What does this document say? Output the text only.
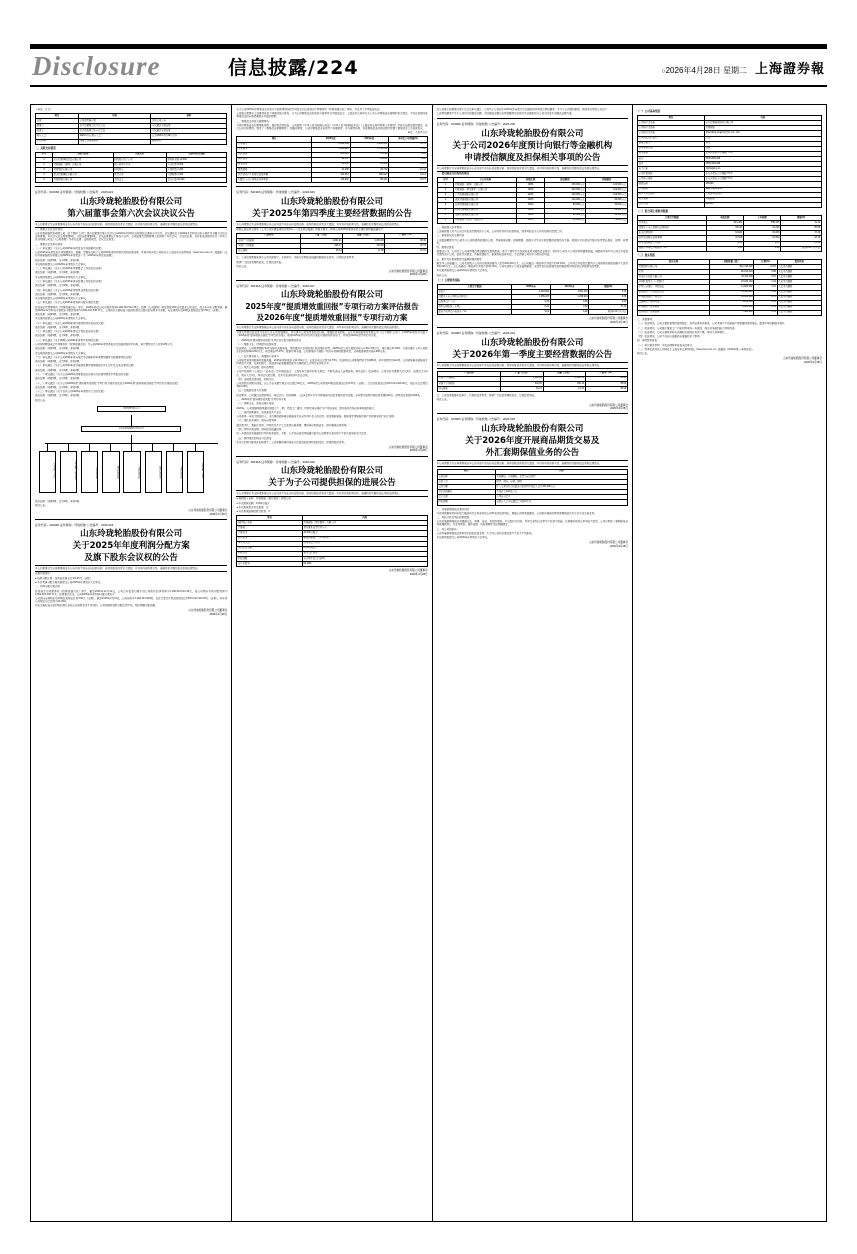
Disclosure	信息披露/224	○2026年4月28日 星期二 上海證券報
（单位：万元）
项目	内容	说明
议案	公司章程修订案	详见公司公告
董事会	第六届董事会第六次会议	审议通过全部议案
监事会	第六届监事会第五次会议	审议通过全部议案
股东大会	2025年年度股东大会	定于2026年5月18日召开
审计机构	容诚会计师事务所	继续聘任
二、关联交易情况
序号	关联方名称	关联关系	交易内容及金额
1	山东玲珑国际投资有限公司	控股股东的子公司	原材料采购 12,000
2	玲珑轮胎（泰国）有限公司	同一控制下企业	产品销售 8,600
3	玲珑集团有限公司	控股股东	房屋租赁 1,200
4	招远玲珑橡胶有限公司	联营企业	劳务服务 3,400
5	玲珑财务有限公司	关联法人	资金存放 20,000
证券代码：601966 证券简称：玲珑轮胎 公告编号：2026-021
山东玲珑轮胎股份有限公司
第六届董事会第六次会议决议公告
本公司董事会及全体董事保证本公告内容不存在任何虚假记载、误导性陈述或者重大遗漏，并对其内容的真实性、准确性和完整性依法承担法律责任。

一、董事会会议召开情况

山东玲珑轮胎股份有限公司（以下简称“公司”）第六届董事会第六次会议于2026年4月26日以现场结合通讯方式召开，会议通知已于2026年4月16日以电子邮件及书面方式送达全体董事。本次会议应出席董事9名，实际出席董事9名。会议由董事长王锋先生主持，公司监事及高级管理人员列席了本次会议。会议的召集、召开和表决程序符合《中华人民共和国公司法》《公司章程》等有关法律、法规的规定，会议合法有效。

二、董事会会议审议情况

（一）审议通过《关于公司2025年年度报告及其摘要的议案》

公司2025年年度报告及其摘要真实、准确、完整地反映了公司2025年度的财务状况和经营成果。具体内容详见公司同日于上海证券交易所网站（www.sse.com.cn）披露的《山东玲珑轮胎股份有限公司2025年年度报告》及《2025年年度报告摘要》。

表决结果：同意9票，反对0票，弃权0票。

本议案尚需提交公司2025年年度股东大会审议。

（二）审议通过《关于公司2025年度董事会工作报告的议案》

表决结果：同意9票，反对0票，弃权0票。

本议案尚需提交公司2025年年度股东大会审议。

（三）审议通过《关于公司2025年度总经理工作报告的议案》

表决结果：同意9票，反对0票，弃权0票。

（四）审议通过《关于公司2025年度财务决算报告的议案》

表决结果：同意9票，反对0票，弃权0票。

本议案尚需提交公司2025年年度股东大会审议。

（五）审议通过《关于公司2025年度利润分配方案的议案》

经容诚会计师事务所（特殊普通合伙）审计，2025年度母公司实现净利润1,186,324,512.36元，按照《公司章程》规定提取10%法定盈余公积金后，加上年初未分配利润，截至2025年12月31日可供股东分配的利润为4,862,115,308.77元。公司拟以实施权益分派股权登记日登记的总股本为基数，向全体股东每10股派发现金红利3.50元（含税）。

表决结果：同意9票，反对0票，弃权0票。

本议案尚需提交公司2025年年度股东大会审议。

（六）审议通过《关于公司2025年度内部控制评价报告的议案》

表决结果：同意9票，反对0票，弃权0票。

（七）审议通过《关于公司2025年度社会责任报告的议案》

表决结果：同意9票，反对0票，弃权0票。

（八）审议通过《关于续聘公司2026年度审计机构的议案》

公司拟续聘容诚会计师事务所（特殊普通合伙）为公司2026年度财务报告及内部控制审计机构，审计费用合计人民币280万元。

表决结果：同意9票，反对0票，弃权0票。

本议案尚需提交公司2025年年度股东大会审议。

（九）审议通过《关于公司2026年度向银行等金融机构申请授信额度及担保事项的议案》

表决结果：同意9票，反对0票，弃权0票。

（十）审议通过《关于公司2026年度开展商品期货套期保值及外汇衍生品交易业务的议案》

表决结果：同意9票，反对0票，弃权0票。

（十一）审议通过《关于公司2025年度募集资金存放与实际使用情况专项报告的议案》

表决结果：同意9票，反对0票，弃权0票。

（十二）审议通过《关于公司2025年度“提质增效重回报”专项行动方案评估报告及2026年度“提质增效重回报”专项行动方案的议案》

表决结果：同意9票，反对0票，弃权0票。

（十三）审议通过《关于召开公司2025年年度股东大会的议案》

表决结果：同意9票，反对0票，弃权0票。

特此公告。

玲珑集团有限公司
山东玲珑轮胎股份有限公司
玲珑轮胎（泰国）	玲珑轮胎（塞尔维亚）	广西玲珑轮胎	湖北玲珑轮胎	长春玲珑轮胎	陕西玲珑轮胎	安徽玲珑轮胎	玲珑轮胎（巴西）

表决结果：同意9票，反对0票，弃权0票。

特此公告。

山东玲珑轮胎股份有限公司董事会
2026年4月28日
证券代码：601966 证券简称：玲珑轮胎 公告编号：2026-024
山东玲珑轮胎股份有限公司
关于2025年年度利润分配方案
及旗下股东会议权的公告
本公司董事会及全体董事保证本公告内容不存在任何虚假记载、误导性陈述或者重大遗漏，并对其内容的真实性、准确性和完整性依法承担法律责任。

重要内容提示：

● 每股分配比例：每股派发现金红利0.35元（含税）

● 本次利润分配方案尚需提交公司2025年年度股东大会审议。

一、利润分配方案内容

经容诚会计师事务所（特殊普通合伙）审计，截至2025年12月31日，公司合并报表归属于母公司股东的净利润为1,186,324,512.36元，母公司期末可供分配利润为4,862,115,308.77元。经董事会决议，公司2025年年度利润分配方案如下：

公司拟向全体股东每10股派发现金红利3.50元（含税）。截至2026年3月31日，公司总股本1,466,324,000股，以此计算合计拟派发现金红利513,213,400.00元（含税）。本年度公司现金分红比例为43.26%。

如在实施权益分派的股权登记日前公司总股本发生变动的，公司拟维持每股分配比例不变，相应调整分配总额。

山东玲珑轮胎股份有限公司董事会
2026年4月28日

关于公司2025年度募集资金存放与实际使用情况的专项报告已经容诚会计师事务所（特殊普通合伙）审核，并出具了专项鉴证报告。

公司独立董事对上述事项发表了同意的独立意见，认为公司募集资金的存放与使用符合中国证监会、上海证券交易所关于上市公司募集资金管理的有关规定，不存在变相改变募集资金投向和损害股东利益的情形。

二、募集资金存放与管理情况

为规范募集资金的管理和使用，保护投资者权益，公司依照《中华人民共和国公司法》《中华人民共和国证券法》《上海证券交易所股票上市规则》等有关法律法规的规定，结合公司实际情况，制定了《募集资金管理制度》。根据该制度，公司对募集资金采取专户存储制度，并与保荐机构、存放募集资金的商业银行签署了募集资金三方监管协议。

单位：人民币万元
项目	2025年度	2024年度	本年比上年增减(%)
营业收入	2,462,318	2,206,541	11.59
营业成本	1,938,226	1,762,334	9.98
销售费用	106,812	97,224	9.86
管理费用	98,337	91,002	8.06
研发费用	92,451	83,116	11.23
财务费用	21,008	26,742	-21.44
经营活动产生的现金流量净额	332,614	288,907	15.13
归属于上市公司股东的净利润	118,632	86,421	37.27
证券代码：601966 证券简称：玲珑轮胎 公告编号：2026-026
山东玲珑轮胎股份有限公司
关于2025年第四季度主要经营数据的公告
本公司董事会及全体董事保证本公告内容不存在任何虚假记载、误导性陈述或者重大遗漏，并对其内容的真实性、准确性和完整性依法承担法律责任。
根据上海证券交易所《上市公司自律监管指引第3号——行业信息披露》的相关要求，现将公司2025年第四季度主要经营数据披露如下：
产品类别	产量（万条）	销量（万条）	产销率（%）
半钢子午线轮胎	1,862.41	1,834.26	98.49
全钢子午线轮胎	326.17	318.92	97.78
斜交轮胎	18.34	17.96	97.93

注：上述经营数据来源于公司内部统计，未经审计，可能与定期报告披露的数据存在差异，仅供投资者参考。

敬请广大投资者理性投资，注意投资风险。

特此公告。

山东玲珑轮胎股份有限公司董事会
2026年4月28日
证券代码：601966 证券简称：玲珑轮胎 公告编号：2026-027
山东玲珑轮胎股份有限公司
2025年度“提质增效重回报”专项行动方案评估报告
及2026年度“提质增效重回报”专项行动方案
本公司董事会及全体董事保证本公告内容不存在任何虚假记载、误导性陈述或者重大遗漏，并对其内容的真实性、准确性和完整性依法承担法律责任。

为深入贯彻以投资者为本的上市公司发展理念，切实提升公司质量和投资价值，增强投资者回报，山东玲珑轮胎股份有限公司（以下简称“公司”）于2025年制定并实施了《2025年度“提质增效重回报”专项行动方案》。现将2025年度专项行动方案的实施情况评估如下，并制定2026年度专项行动方案。

一、2025年度“提质增效重回报”专项行动方案实施情况评估

（一）聚焦主业，持续提升经营质量

报告期内，公司紧紧围绕“6+6”全球化战略布局，持续推进产品结构优化和高端化转型。2025年度公司实现营业收入2,462,318万元，同比增长11.59%；实现归属于上市公司股东的净利润118,632万元，同比增长37.27%。配套市场方面，公司新增多个国际一线汽车品牌的配套项目，全年配套销量突破1,800万条。

（二）加大研发投入，增强核心竞争力

公司始终坚持创新驱动发展战略，2025年度研发投入92,451万元，占营业收入比例为3.75%。报告期内公司新增授权专利286项，其中发明专利112项。公司液体黄金轮胎技术持续迭代升级，在滚动阻力、抗湿滑性能和耐磨性能等关键指标上达到行业领先水平。

（三）规范公司治理，提升透明度

公司严格按照《公司法》《证券法》及中国证监会、上海证券交易所的有关规定，不断完善法人治理结构，规范运作。报告期内，公司共召开董事会会议6次、监事会会议4次、股东大会2次，所有会议的召集、召开及表决程序均合法合规。

（四）重视投资者回报，积极分红

公司高度重视股东回报，自上市以来累计现金分红超过30亿元。2025年度公司拟每10股派发现金红利3.50元（含税），合计派发现金红利513,213,400.00元，现金分红比例达到43.26%。

（五）加强投资者关系管理

报告期内，公司通过业绩说明会、电话会议、机构调研、上证e互动平台等多种渠道与投资者保持密切沟通。全年累计接待机构投资者调研42次，回复投资者提问186条。

二、2026年度“提质增效重回报”专项行动方案

（一）深耕主业，加快全球化布局

2026年，公司将继续推进塞尔维亚工厂二期、巴西工厂建设，持续完善全球化生产基地布局，提升海外市场占有率和盈利能力。

（二）坚持创新驱动，加快新技术产业化

公司将进一步加大研发投入，重点推进液体黄金轮胎技术在全系列产品上的应用，加快智能轮胎、新能源专用轮胎等新产品的研发和产业化进程。

（三）强化成本管控，提升运营效率

通过数字化、智能化改造，持续优化生产工艺和供应链管理，降低单位制造成本，提升整体运营效率。

（四）持续完善治理，提高信息披露质量

进一步提高信息披露的针对性和有效性，及时、公平地向投资者披露可能对公司股票交易价格产生较大影响的重大信息。

（五）保持稳定的现金分红政策

在符合利润分配条件的前提下，公司将继续保持现金分红政策的连续性和稳定性，积极回报投资者。

山东玲珑轮胎股份有限公司董事会
2026年4月28日
证券代码：601966 证券简称：玲珑轮胎 公告编号：2026-029
山东玲珑轮胎股份有限公司
关于为子公司提供担保的进展公告
本公司董事会及全体董事保证本公告内容不存在任何虚假记载、误导性陈述或者重大遗漏，并对其内容的真实性、准确性和完整性依法承担法律责任。

● 被担保人名称：玲珑轮胎（塞尔维亚）有限公司

● 本次担保金额：8,000万欧元

● 本次担保是否有反担保：否

● 对外担保逾期的累计数量：0

项目	内容
被担保人名称	玲珑轮胎（塞尔维亚）有限公司
注册地	塞尔维亚兹雷尼亚宁市
注册资本	30,000万欧元
经营范围	轮胎的研发、生产与销售
与公司关系	公司全资子公司
本次担保金额	8,000万欧元
担保方式	连带责任保证
担保期限	自合同生效之日起3年
资产负债率	62.18%
山东玲珑轮胎股份有限公司董事会
2026年4月28日

经公司第六届董事会第六次会议审议通过，公司及子公司拟于2026年度向银行等金融机构申请综合授信额度，并为子公司提供担保，现将有关情况公告如下：

上述授信额度不等于公司的实际融资金额，实际融资金额应在授信额度内以银行等金融机构与公司实际发生的融资金额为准。

证券代码：601966 证券简称：玲珑轮胎 公告编号：2026-030
山东玲珑轮胎股份有限公司
关于公司2026年度预计向银行等金融机构
申请授信额度及担保相关事项的公告
本公司董事会及全体董事保证本公告内容不存在任何虚假记载、误导性陈述或者重大遗漏，并对其内容的真实性、准确性和完整性依法承担法律责任。
一、授信额度及担保情况概述
序号	子公司名称	持股比例	授信额度	担保额度
1	玲珑轮胎（泰国）有限公司	100%	150,000万元	120,000万元
2	玲珑轮胎（塞尔维亚）有限公司	100%	200,000万元	160,000万元
3	广西玲珑轮胎有限公司	100%	120,000万元	100,000万元
4	湖北玲珑轮胎有限公司	100%	100,000万元	80,000万元
5	长春玲珑轮胎有限公司	100%	80,000万元	60,000万元
6	陕西玲珑轮胎有限公司	100%	80,000万元	60,000万元
7	安徽玲珑轮胎有限公司	100%	60,000万元	50,000万元
8	玲珑轮胎（巴西）有限公司	100%	90,000万元	70,000万元

二、被担保人基本情况

上述被担保人均为公司合并报表范围内的子公司，公司对其具有实际控制权，财务风险处于公司可控制的范围之内。

三、担保协议的主要内容

上述担保额度仅为公司及子公司拟提供担保的上限，具体担保金额、担保期限、担保方式等以实际签署的担保协议为准。担保方式包括但不限于连带责任保证、抵押、质押等。

四、董事会意见

董事会认为，公司及子公司申请银行授信额度及提供担保，是为了满足生产经营和业务发展的资金需求，有利于公司及子公司的持续健康发展。被担保对象均为公司合并报表范围内的子公司，经营状况稳定，具备偿债能力，担保风险总体可控，不会损害公司及中小股东的利益。

五、累计对外担保数量及逾期担保的数量

截至本公告披露日，公司及控股子公司对外担保总额为人民币436,200万元，占公司最近一期经审计净资产的32.16%；公司对合并报表范围内子公司提供的担保总额为人民币436,200万元，占公司最近一期经审计净资产的32.16%。公司及控股子公司无逾期担保、无涉及诉讼的担保及因担保被判决败诉而应承担损失的情形。

本议案尚需提交公司2025年年度股东大会审议。

特此公告。

（二）主要财务指标
主要会计数据	2025年末	2024年末	增减(%)
总资产	4,218,662	3,902,118	8.11
归属于上市公司股东的净资产	1,356,227	1,268,904	6.88
每股净资产（元）	9.25	8.65	6.94
基本每股收益（元/股）	0.81	0.59	37.29
加权平均净资产收益率（%）	9.04	6.92	增加2.12个百分点
山东玲珑轮胎股份有限公司董事会
2026年4月28日
证券代码：601966 证券简称：玲珑轮胎 公告编号：2026-031
山东玲珑轮胎股份有限公司
关于2026年第一季度主要经营数据的公告
本公司董事会及全体董事保证本公告内容不存在任何虚假记载、误导性陈述或者重大遗漏，并对其内容的真实性、准确性和完整性依法承担法律责任。
产品类别	产量（万条）	销量（万条）	产销率（%）
半钢子午线轮胎	1,962.08	1,928.45	98.29
全钢子午线轮胎	342.66	336.12	98.09
斜交轮胎	16.72	16.41	98.15

注：上述经营数据未经审计，仅供投资者参考，敬请广大投资者理性投资，注意投资风险。

特此公告。

山东玲珑轮胎股份有限公司董事会
2026年4月28日
证券代码：601966 证券简称：玲珑轮胎 公告编号：2026-032
山东玲珑轮胎股份有限公司
关于2026年度开展商品期货交易及
外汇套期保值业务的公告
本公司董事会及全体董事保证本公告内容不存在任何虚假记载、误导性陈述或者重大遗漏，并对其内容的真实性、准确性和完整性依法承担法律责任。
项目	内容
交易品种	天然橡胶、合成橡胶、炭黑等商品期货
交易工具	期货、期权、远期、掉期
交易金额	任一交易日持有的最高合约价值不超过人民币100,000万元
外汇套保额度	不超过等值20亿美元
资金来源	公司自有资金
授权期限	自股东大会审议通过之日起12个月

一、开展套期保值业务的目的

为有效规避原材料价格大幅波动及汇率波动给公司带来的经营风险，增强公司财务稳健性，公司拟开展商品期货套期保值及外汇衍生品交易业务。

二、风险分析及风险控制措施

公司开展套期保值业务遵循合法、审慎、安全、有效的原则，不以投机为目的，所有交易均以正常生产经营为基础，以规避价格和汇率风险为目的。公司已制定《套期保值业务管理制度》，对业务审批、操作流程、风险管理等作出明确规定。

三、对公司的影响

公司开展套期保值业务有利于稳定经营业绩，不会对公司的日常经营产生重大不利影响。

本议案尚需提交公司2025年年度股东大会审议。

山东玲珑轮胎股份有限公司董事会
2026年4月28日
（一）公司基本情况
项目	内容
公司的中文名称	山东玲珑轮胎股份有限公司
公司的中文简称	玲珑轮胎
公司的外文名称	Shandong Linglong Tyre Co., Ltd.
公司的法定代表人	王锋
董事会秘书	刘勇
证券事务代表	张丽
联系地址	山东省招远市金城路777号
电话	0535-8211166
传真	0535-8211188
电子信箱	ir@linglong.cn
公司注册地址	山东省招远市金城路777号
公司办公地址	山东省招远市金城路777号
邮政编码	265400
公司网址	www.linglong.cn
股票上市交易所	上海证券交易所
股票简称	玲珑轮胎
股票代码	601966
（二）报告期主要财务数据
主要会计数据	本报告期	上年同期	增减(%)
营业收入	621,482	558,316	11.31
归属于上市公司股东的净利润	33,126	24,418	35.66
扣非后净利润	31,844	23,206	37.22
经营活动现金流量净额	72,318	61,204	18.16
基本每股收益（元/股）	0.23	0.17	35.29
加权平均净资产收益率（%）	2.42	1.90	增加0.52个百分点
（三）股东情况
股东名称	持股数量（股）	比例(%)	股份性质
玲珑集团有限公司	642,318,400	43.81	人民币普通股
王锋	86,214,000	5.88	人民币普通股
香港中央结算有限公司	42,116,328	2.87	人民币普通股
全国社保基金一一四组合	18,226,100	1.24	人民币普通股
中国工商银行－华夏成长	14,820,662	1.01	人民币普通股
招商银行－兴全趋势投资	12,118,420	0.83	人民币普通股
中国建设银行－易方达	10,664,200	0.73	人民币普通股
交通银行－富国天惠	9,216,400	0.63	人民币普通股
中国银行－嘉实增长	8,002,118	0.55	人民币普通股
农业银行－景顺长城	7,426,900	0.51	人民币普通股

三、重要事项

（一）报告期内，公司主要经营情况保持稳定，各项业务有序推进。公司半钢子午线轮胎产销量继续保持增长，配套市场份额稳步提升。

（二）报告期内，公司塞尔维亚工厂产能利用率进一步提高，海外基地盈利能力持续改善。

（三）报告期内，公司主要原材料天然橡胶价格同比有所下降，带动毛利率提升。

（四）报告期内，公司不存在应披露而未披露的重大事项。

四、季度财务报表

（一）审计意见类型：本报告期财务报表未经审计。

（二）财务报表详见公司同日于上海证券交易所网站（www.sse.com.cn）披露的《2026年第一季度报告》。

特此公告。

山东玲珑轮胎股份有限公司董事会
2026年4月28日
